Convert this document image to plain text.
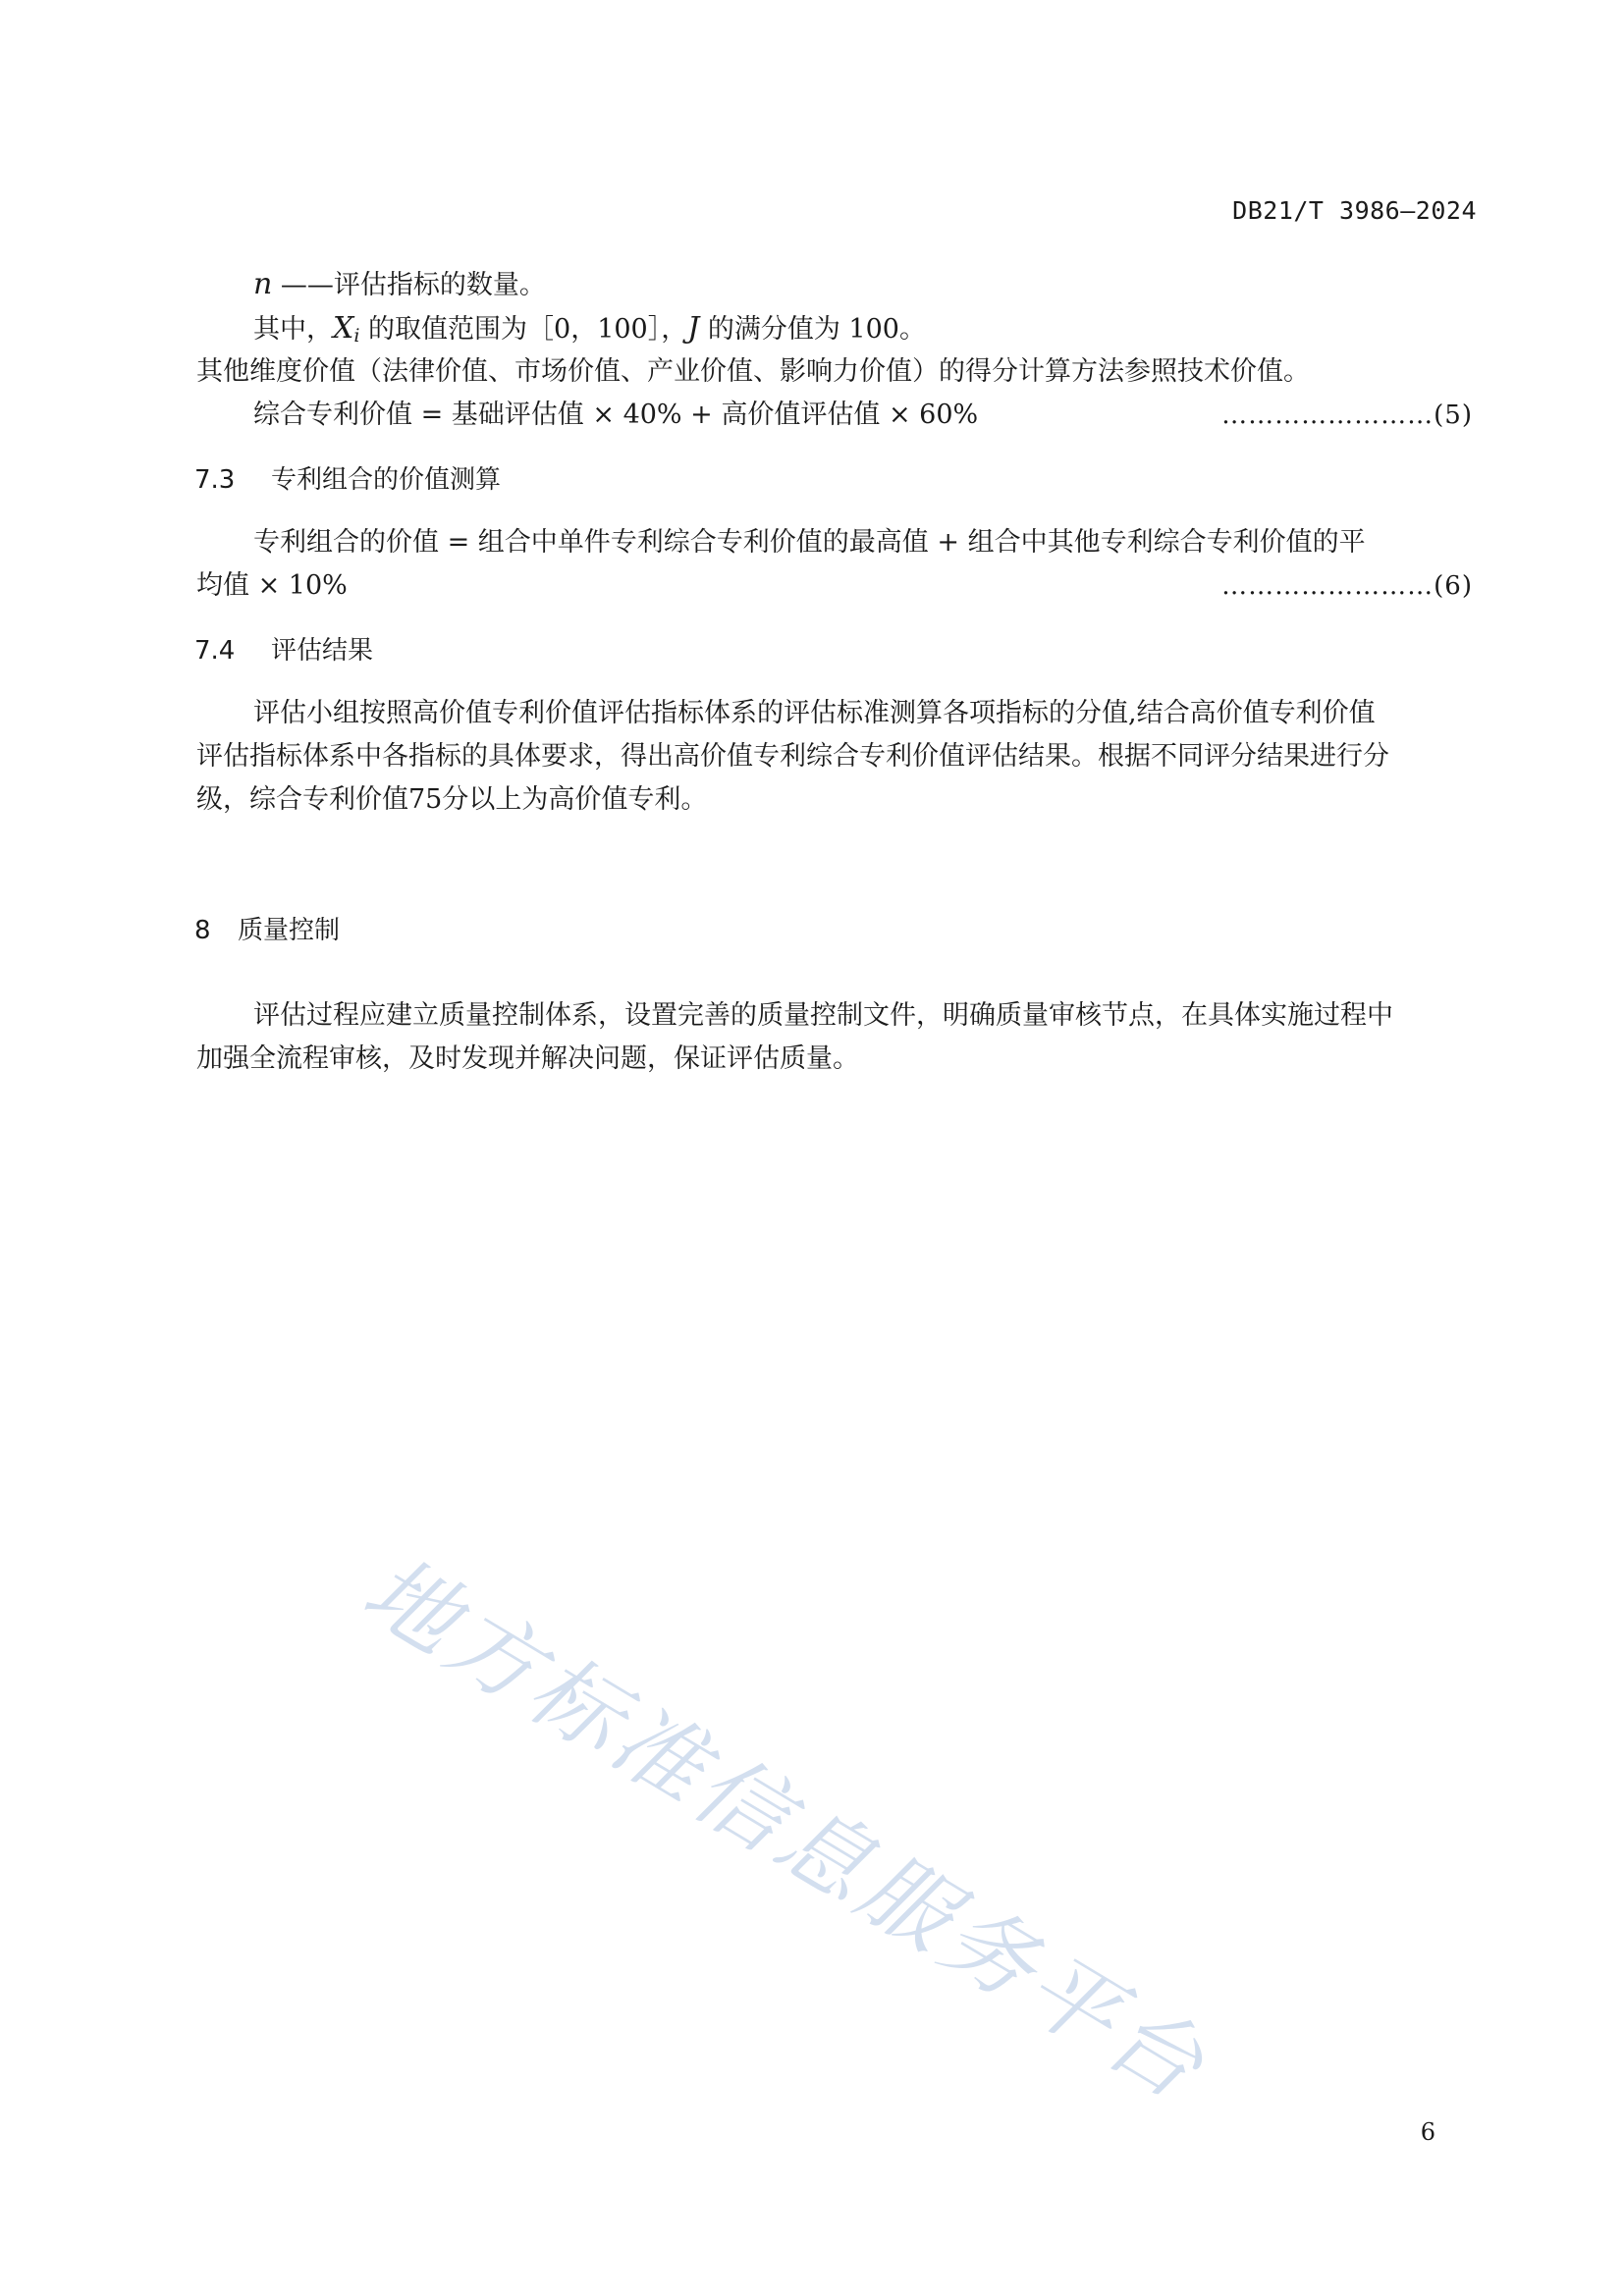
DB21/T 3986—2024
n ——评估指标的数量。
其中，$X_i$ 的取值范围为［0，100］，J 的满分值为 100。
其他维度价值（法律价值、市场价值、产业价值、影响力价值）的得分计算方法参照技术价值。
综合专利价值 = 基础评估值 × 40% + 高价值评估值 × 60%	……………………(5)
7.3 专利组合的价值测算
专利组合的价值 = 组合中单件专利综合专利价值的最高值 + 组合中其他专利综合专利价值的平
均值 × 10%	……………………(6)
7.4 评估结果
评估小组按照高价值专利价值评估指标体系的评估标准测算各项指标的分值,结合高价值专利价值
评估指标体系中各指标的具体要求，得出高价值专利综合专利价值评估结果。根据不同评分结果进行分
级，综合专利价值75分以上为高价值专利。
8 质量控制
评估过程应建立质量控制体系，设置完善的质量控制文件，明确质量审核节点，在具体实施过程中
加强全流程审核，及时发现并解决问题，保证评估质量。
地方标准信息服务平台
6
